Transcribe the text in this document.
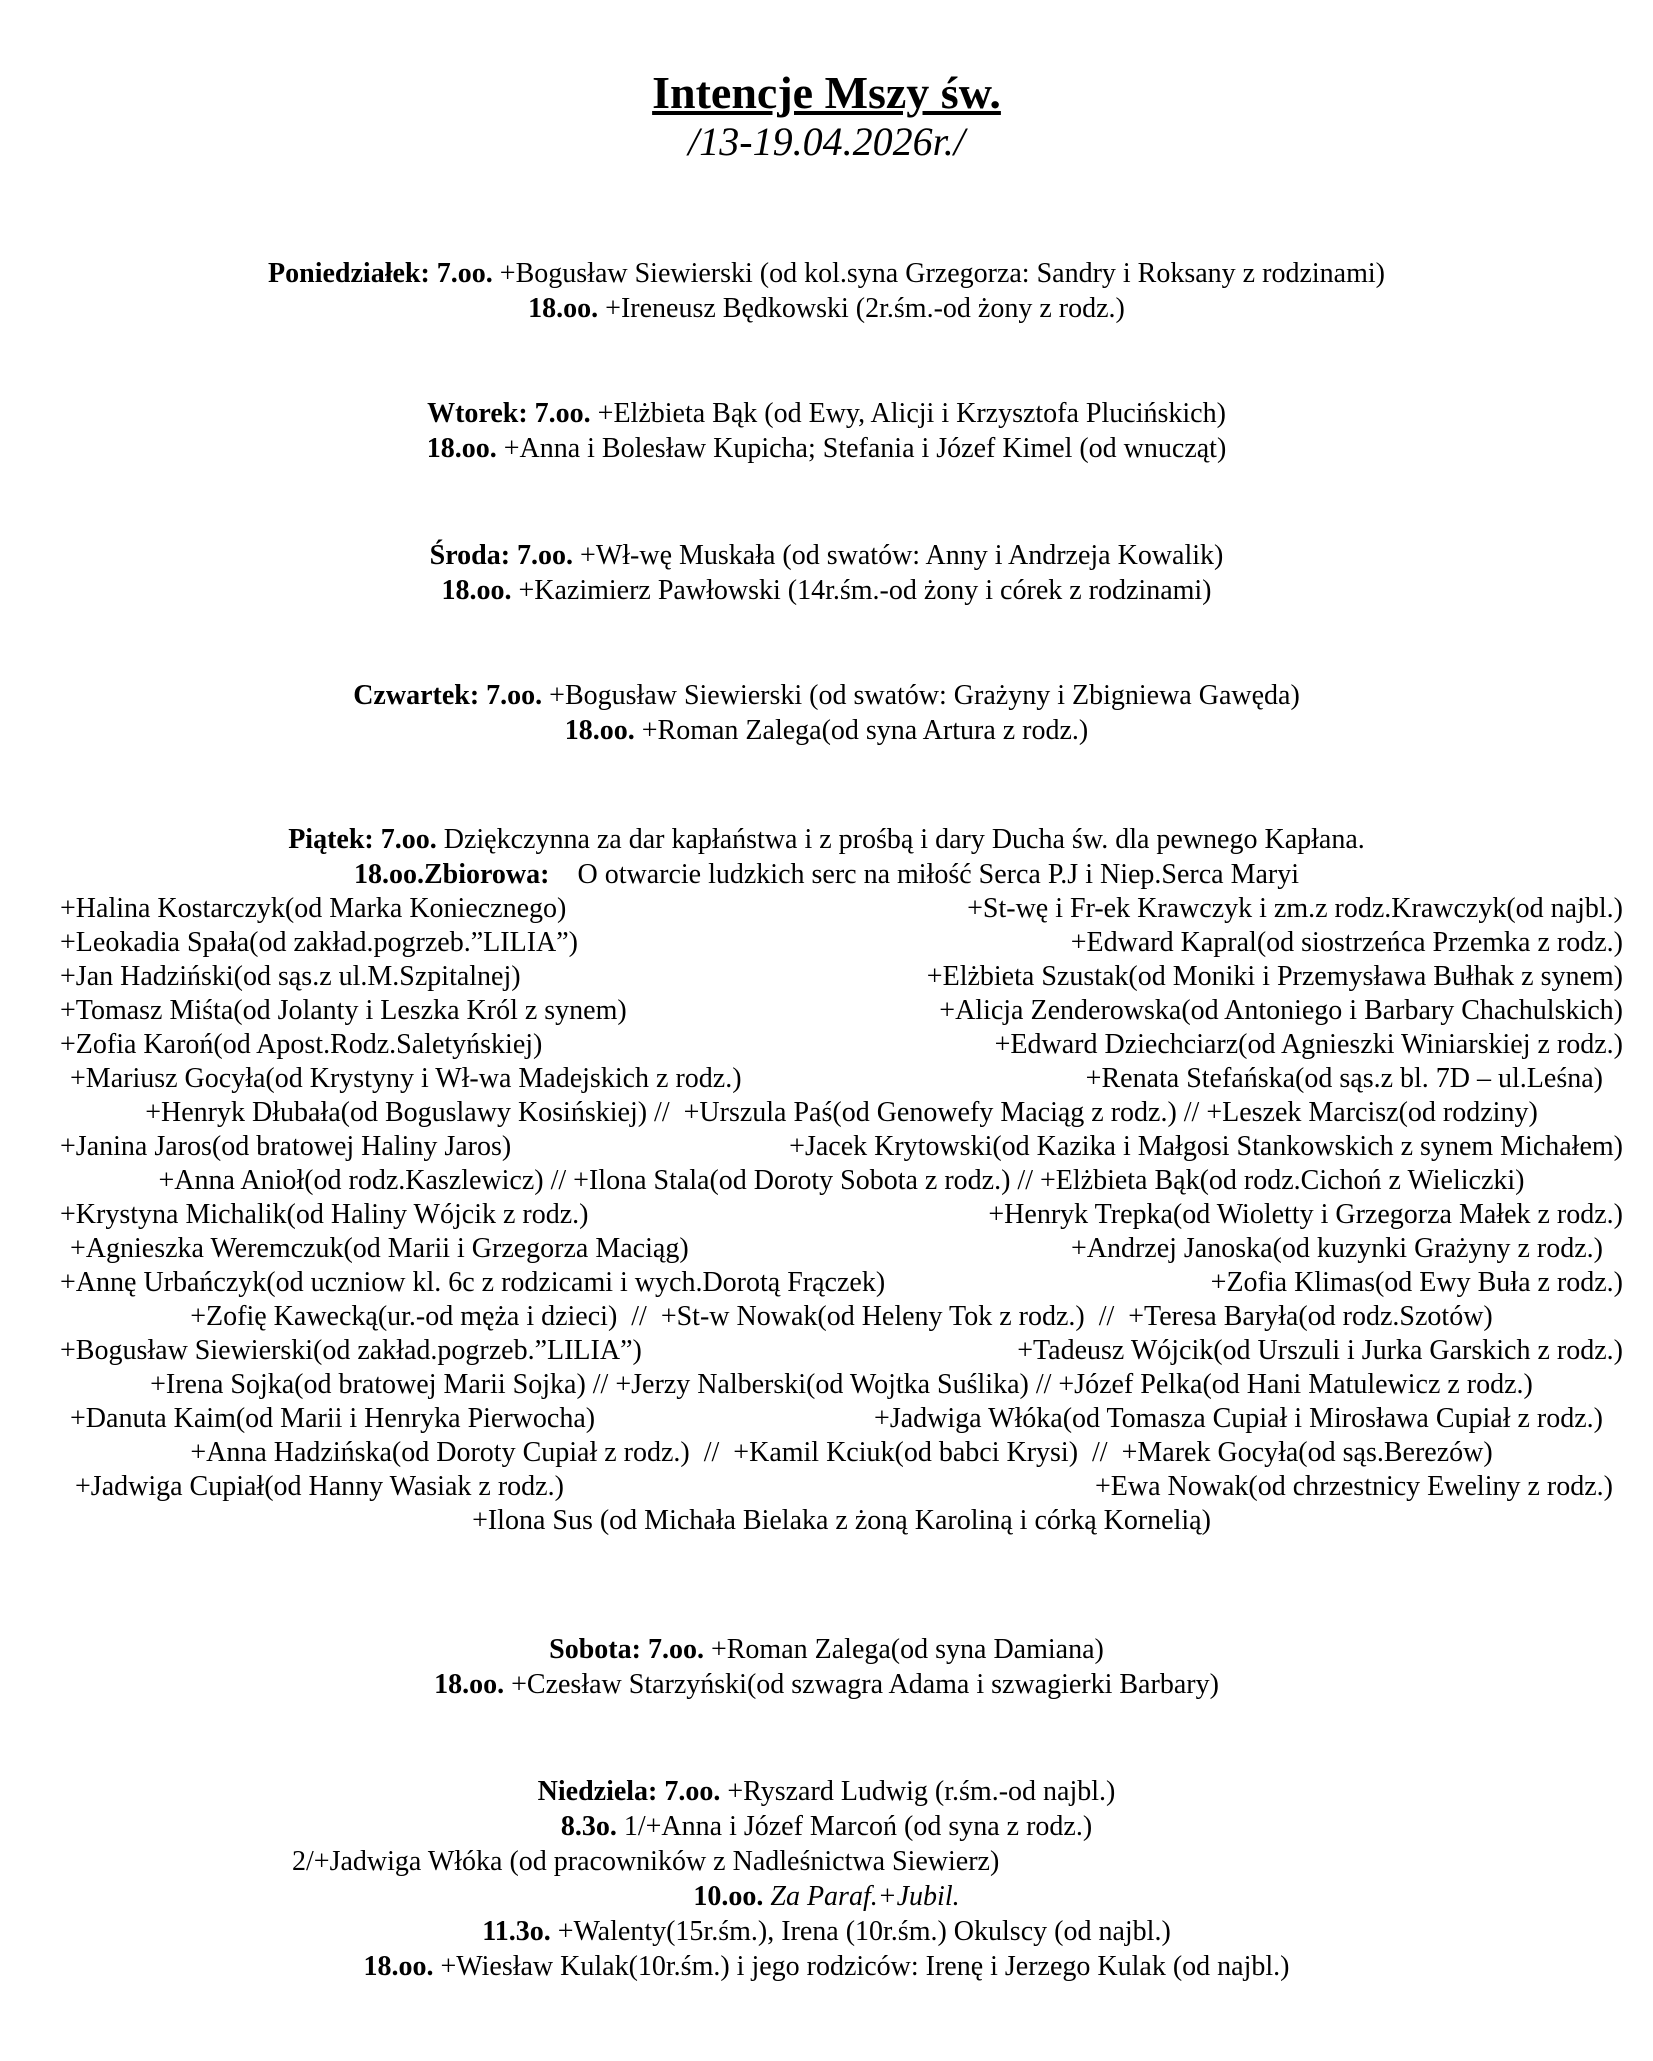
Intencje Mszy św.
/13-19.04.2026r./
Poniedziałek: 7.oo. +Bogusław Siewierski (od kol.syna Grzegorza: Sandry i Roksany z rodzinami)
18.oo. +Ireneusz Będkowski (2r.śm.-od żony z rodz.)
Wtorek: 7.oo. +Elżbieta Bąk (od Ewy, Alicji i Krzysztofa Plucińskich)
18.oo. +Anna i Bolesław Kupicha; Stefania i Józef Kimel (od wnucząt)
Środa: 7.oo. +Wł-wę Muskała (od swatów: Anny i Andrzeja Kowalik)
18.oo. +Kazimierz Pawłowski (14r.śm.-od żony i córek z rodzinami)
Czwartek: 7.oo. +Bogusław Siewierski (od swatów: Grażyny i Zbigniewa Gawęda)
18.oo. +Roman Zalega(od syna Artura z rodz.)
Piątek: 7.oo. Dziękczynna za dar kapłaństwa i z prośbą i dary Ducha św. dla pewnego Kapłana.
18.oo.Zbiorowa:    O otwarcie ludzkich serc na miłość Serca P.J i Niep.Serca Maryi
+Halina Kostarczyk(od Marka Koniecznego)	+St-wę i Fr-ek Krawczyk i zm.z rodz.Krawczyk(od najbl.)
+Leokadia Spała(od zakład.pogrzeb.”LILIA”)	+Edward Kapral(od siostrzeńca Przemka z rodz.)
+Jan Hadziński(od sąs.z ul.M.Szpitalnej)	+Elżbieta Szustak(od Moniki i Przemysława Bułhak z synem)
+Tomasz Miśta(od Jolanty i Leszka Król z synem)	+Alicja Zenderowska(od Antoniego i Barbary Chachulskich)
+Zofia Karoń(od Apost.Rodz.Saletyńskiej)	+Edward Dziechciarz(od Agnieszki Winiarskiej z rodz.)
+Mariusz Gocyła(od Krystyny i Wł-wa Madejskich z rodz.)	+Renata Stefańska(od sąs.z bl. 7D – ul.Leśna)
+Henryk Dłubała(od Boguslawy Kosińskiej) //  +Urszula Paś(od Genowefy Maciąg z rodz.) // +Leszek Marcisz(od rodziny)
+Janina Jaros(od bratowej Haliny Jaros)	+Jacek Krytowski(od Kazika i Małgosi Stankowskich z synem Michałem)
+Anna Anioł(od rodz.Kaszlewicz) // +Ilona Stala(od Doroty Sobota z rodz.) // +Elżbieta Bąk(od rodz.Cichoń z Wieliczki)
+Krystyna Michalik(od Haliny Wójcik z rodz.)	+Henryk Trepka(od Wioletty i Grzegorza Małek z rodz.)
+Agnieszka Weremczuk(od Marii i Grzegorza Maciąg)	+Andrzej Janoska(od kuzynki Grażyny z rodz.)
+Annę Urbańczyk(od uczniow kl. 6c z rodzicami i wych.Dorotą Frączek)	+Zofia Klimas(od Ewy Buła z rodz.)
+Zofię Kawecką(ur.-od męża i dzieci)  //  +St-w Nowak(od Heleny Tok z rodz.)  //  +Teresa Baryła(od rodz.Szotów)
+Bogusław Siewierski(od zakład.pogrzeb.”LILIA”)	+Tadeusz Wójcik(od Urszuli i Jurka Garskich z rodz.)
+Irena Sojka(od bratowej Marii Sojka) // +Jerzy Nalberski(od Wojtka Suślika) // +Józef Pelka(od Hani Matulewicz z rodz.)
+Danuta Kaim(od Marii i Henryka Pierwocha)	+Jadwiga Włóka(od Tomasza Cupiał i Mirosława Cupiał z rodz.)
+Anna Hadzińska(od Doroty Cupiał z rodz.)  //  +Kamil Kciuk(od babci Krysi)  //  +Marek Gocyła(od sąs.Berezów)
+Jadwiga Cupiał(od Hanny Wasiak z rodz.)	+Ewa Nowak(od chrzestnicy Eweliny z rodz.)
+Ilona Sus (od Michała Bielaka z żoną Karoliną i córką Kornelią)
Sobota: 7.oo. +Roman Zalega(od syna Damiana)
18.oo. +Czesław Starzyński(od szwagra Adama i szwagierki Barbary)
Niedziela: 7.oo. +Ryszard Ludwig (r.śm.-od najbl.)
8.3o. 1/+Anna i Józef Marcoń (od syna z rodz.)
2/+Jadwiga Włóka (od pracowników z Nadleśnictwa Siewierz)
10.oo. Za Paraf.+Jubil.
11.3o. +Walenty(15r.śm.), Irena (10r.śm.) Okulscy (od najbl.)
18.oo. +Wiesław Kulak(10r.śm.) i jego rodziców: Irenę i Jerzego Kulak (od najbl.)
